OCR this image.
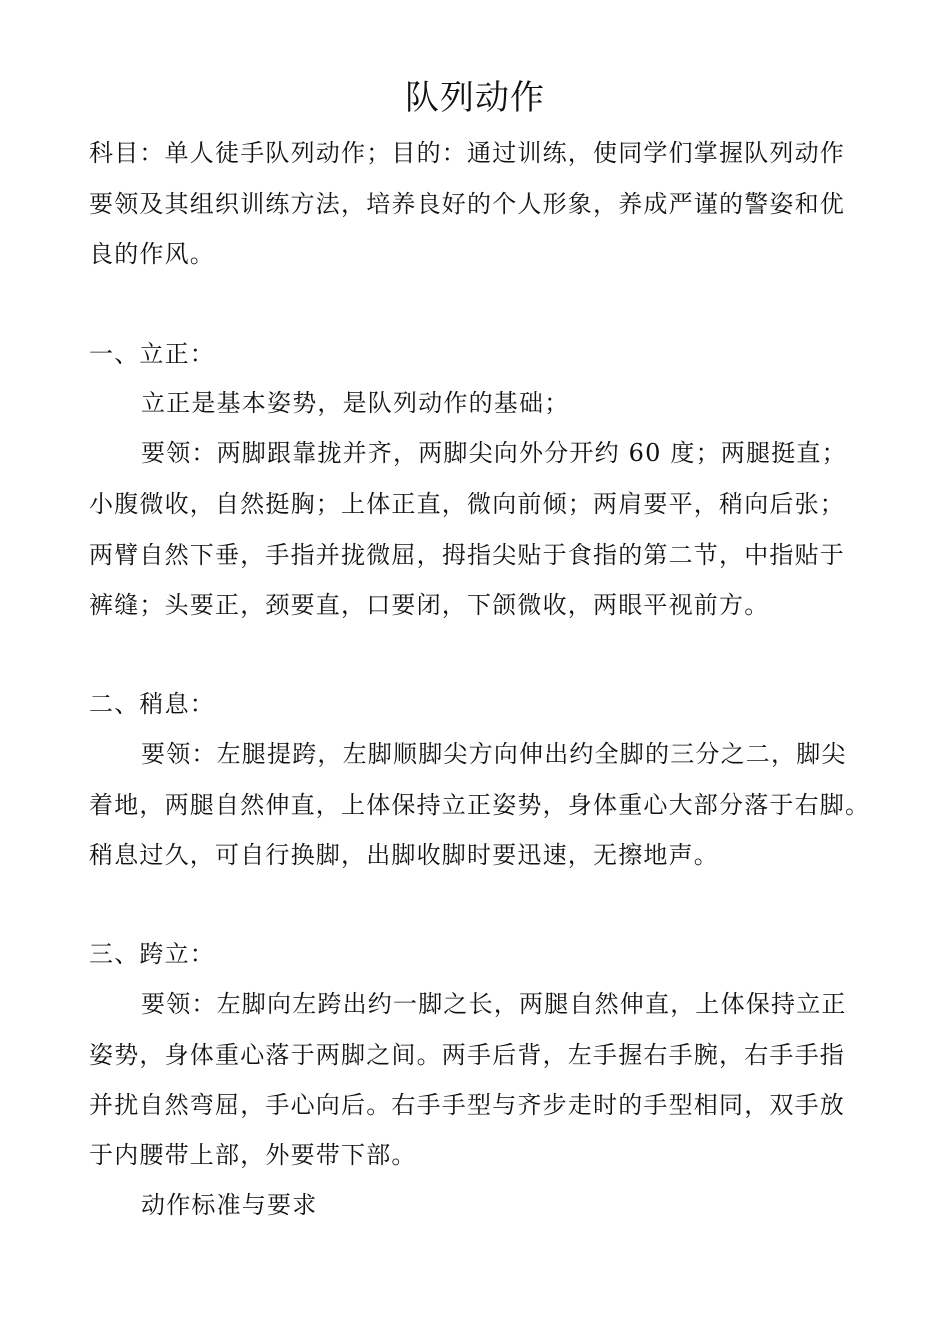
队列动作
科目：单人徒手队列动作；目的：通过训练，使同学们掌握队列动作
要领及其组织训练方法，培养良好的个人形象，养成严谨的警姿和优
良的作风。
一、立正：
立正是基本姿势，是队列动作的基础；
要领：两脚跟靠拢并齐，两脚尖向外分开约 60 度；两腿挺直；
小腹微收，自然挺胸；上体正直，微向前倾；两肩要平，稍向后张；
两臂自然下垂，手指并拢微屈，拇指尖贴于食指的第二节，中指贴于
裤缝；头要正，颈要直，口要闭，下颌微收，两眼平视前方。
二、稍息：
要领：左腿提跨，左脚顺脚尖方向伸出约全脚的三分之二，脚尖
着地，两腿自然伸直，上体保持立正姿势，身体重心大部分落于右脚。
稍息过久，可自行换脚，出脚收脚时要迅速，无擦地声。
三、跨立：
要领：左脚向左跨出约一脚之长，两腿自然伸直，上体保持立正
姿势，身体重心落于两脚之间。两手后背，左手握右手腕，右手手指
并扰自然弯屈，手心向后。右手手型与齐步走时的手型相同，双手放
于内腰带上部，外要带下部。
动作标准与要求
